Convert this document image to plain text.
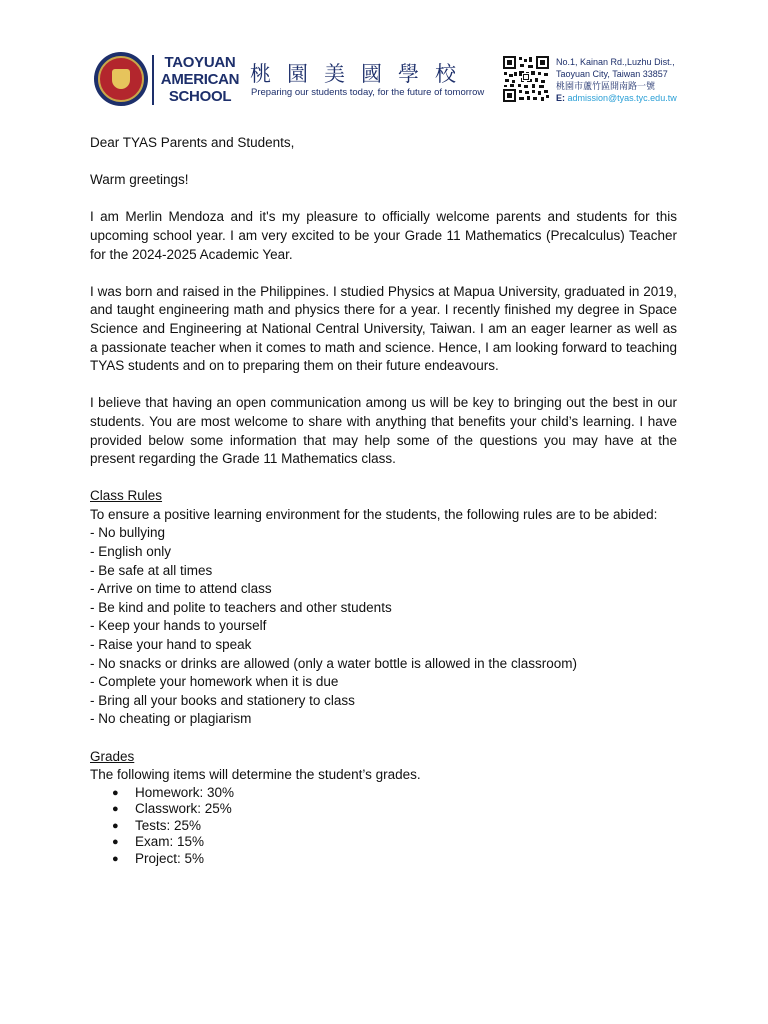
TAOYUAN
AMERICAN
SCHOOL
桃園美國學校
Preparing our students today, for the future of tomorrow
No.1, Kainan Rd.,Luzhu Dist.,
Taoyuan City, Taiwan 33857
桃園市蘆竹區開南路一號
E: admission@tyas.tyc.edu.tw

Dear TYAS Parents and Students,

Warm greetings!

I am Merlin Mendoza and it's my pleasure to officially welcome parents and students for this upcoming school year. I am very excited to be your Grade 11 Mathematics (Precalculus) Teacher for the 2024-2025 Academic Year.

I was born and raised in the Philippines. I studied Physics at Mapua University, graduated in 2019, and taught engineering math and physics there for a year. I recently finished my degree in Space Science and Engineering at National Central University, Taiwan. I am an eager learner as well as a passionate teacher when it comes to math and science. Hence, I am looking forward to teaching TYAS students and on to preparing them on their future endeavours.

I believe that having an open communication among us will be key to bringing out the best in our students. You are most welcome to share with anything that benefits your child’s learning. I have provided below some information that may help some of the questions you may have at the present regarding the Grade 11 Mathematics class.

Class Rules

To ensure a positive learning environment for the students, the following rules are to be abided:

- No bullying

- English only

- Be safe at all times

- Arrive on time to attend class

- Be kind and polite to teachers and other students

- Keep your hands to yourself

- Raise your hand to speak

- No snacks or drinks are allowed (only a water bottle is allowed in the classroom)

- Complete your homework when it is due

- Bring all your books and stationery to class

- No cheating or plagiarism

Grades

The following items will determine the student’s grades.

● Homework: 30%
● Classwork: 25%
● Tests: 25%
● Exam: 15%
● Project: 5%
